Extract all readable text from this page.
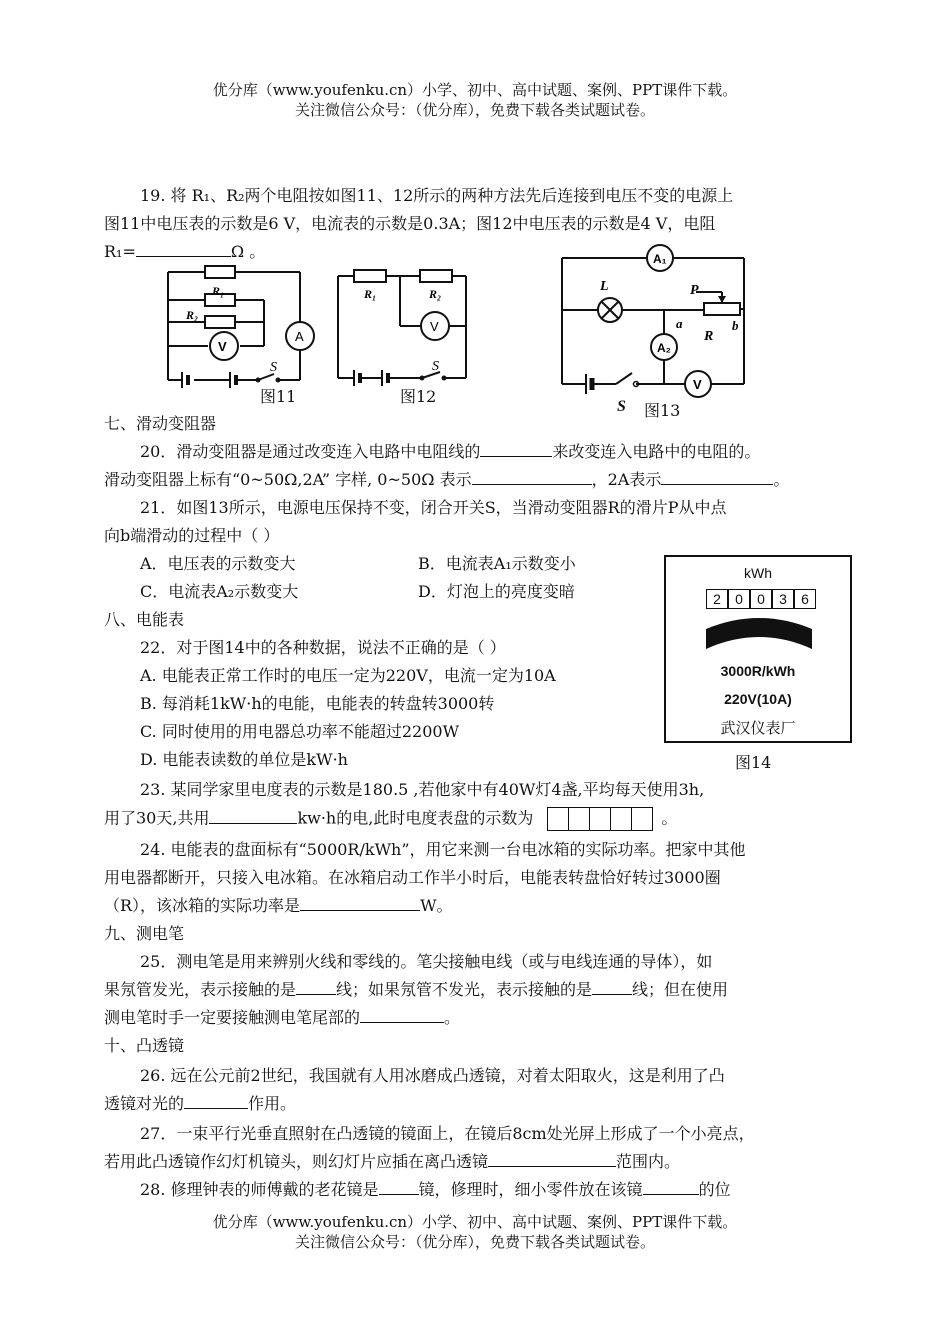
优分库（www.youfenku.cn）小学、初中、高中试题、案例、PPT课件下载。
关注微信公众号：（优分库），免费下载各类试题试卷。
19. 将 R₁、R₂两个电阻按如图11、12所示的两种方法先后连接到电压不变的电源上
图11中电压表的示数是6 V，电流表的示数是0.3A；图12中电压表的示数是4 V，电阻
R₁=	Ω 。
R₁
R₂
V
A
S
图11
R₁	R₂
V
S
图12
A₁
L	P
a	b
R
A₂
V
S 图13
七、滑动变阻器
20．滑动变阻器是通过改变连入电路中电阻线的	来改变连入电路中的电阻的。
滑动变阻器上标有“0~50Ω,2A” 字样, 0~50Ω 表示	，2A表示	。
21．如图13所示，电源电压保持不变，闭合开关S，当滑动变阻器R的滑片P从中点
向b端滑动的过程中（ ）
A．电压表的示数变大	B．电流表A₁示数变小
C．电流表A₂示数变大	D．灯泡上的亮度变暗
kWh
2	0	0	3	6
3000R/kWh
220V(10A)
武汉仪表厂
图14
八、电能表
22．对于图14中的各种数据，说法不正确的是（ ）
A. 电能表正常工作时的电压一定为220V，电流一定为10A
B. 每消耗1kW·h的电能，电能表的转盘转3000转
C. 同时使用的用电器总功率不能超过2200W
D. 电能表读数的单位是kW·h
23. 某同学家里电度表的示数是180.5 ,若他家中有40W灯4盏,平均每天使用3h,
用了30天,共用	kw·h的电,此时电度表盘的示数为	。
24. 电能表的盘面标有“5000R/kWh”，用它来测一台电冰箱的实际功率。把家中其他
用电器都断开，只接入电冰箱。在冰箱启动工作半小时后，电能表转盘恰好转过3000圈
（R），该冰箱的实际功率是	W。
九、测电笔
25．测电笔是用来辨别火线和零线的。笔尖接触电线（或与电线连通的导体），如
果氖管发光，表示接触的是	线；如果氖管不发光，表示接触的是	线；但在使用
测电笔时手一定要接触测电笔尾部的	。
十、凸透镜
26. 远在公元前2世纪，我国就有人用冰磨成凸透镜，对着太阳取火，这是利用了凸
透镜对光的	作用。
27．一束平行光垂直照射在凸透镜的镜面上，在镜后8cm处光屏上形成了一个小亮点，
若用此凸透镜作幻灯机镜头，则幻灯片应插在离凸透镜	范围内。
28. 修理钟表的师傅戴的老花镜是	镜，修理时，细小零件放在该镜	的位
优分库（www.youfenku.cn）小学、初中、高中试题、案例、PPT课件下载。
关注微信公众号：（优分库），免费下载各类试题试卷。
